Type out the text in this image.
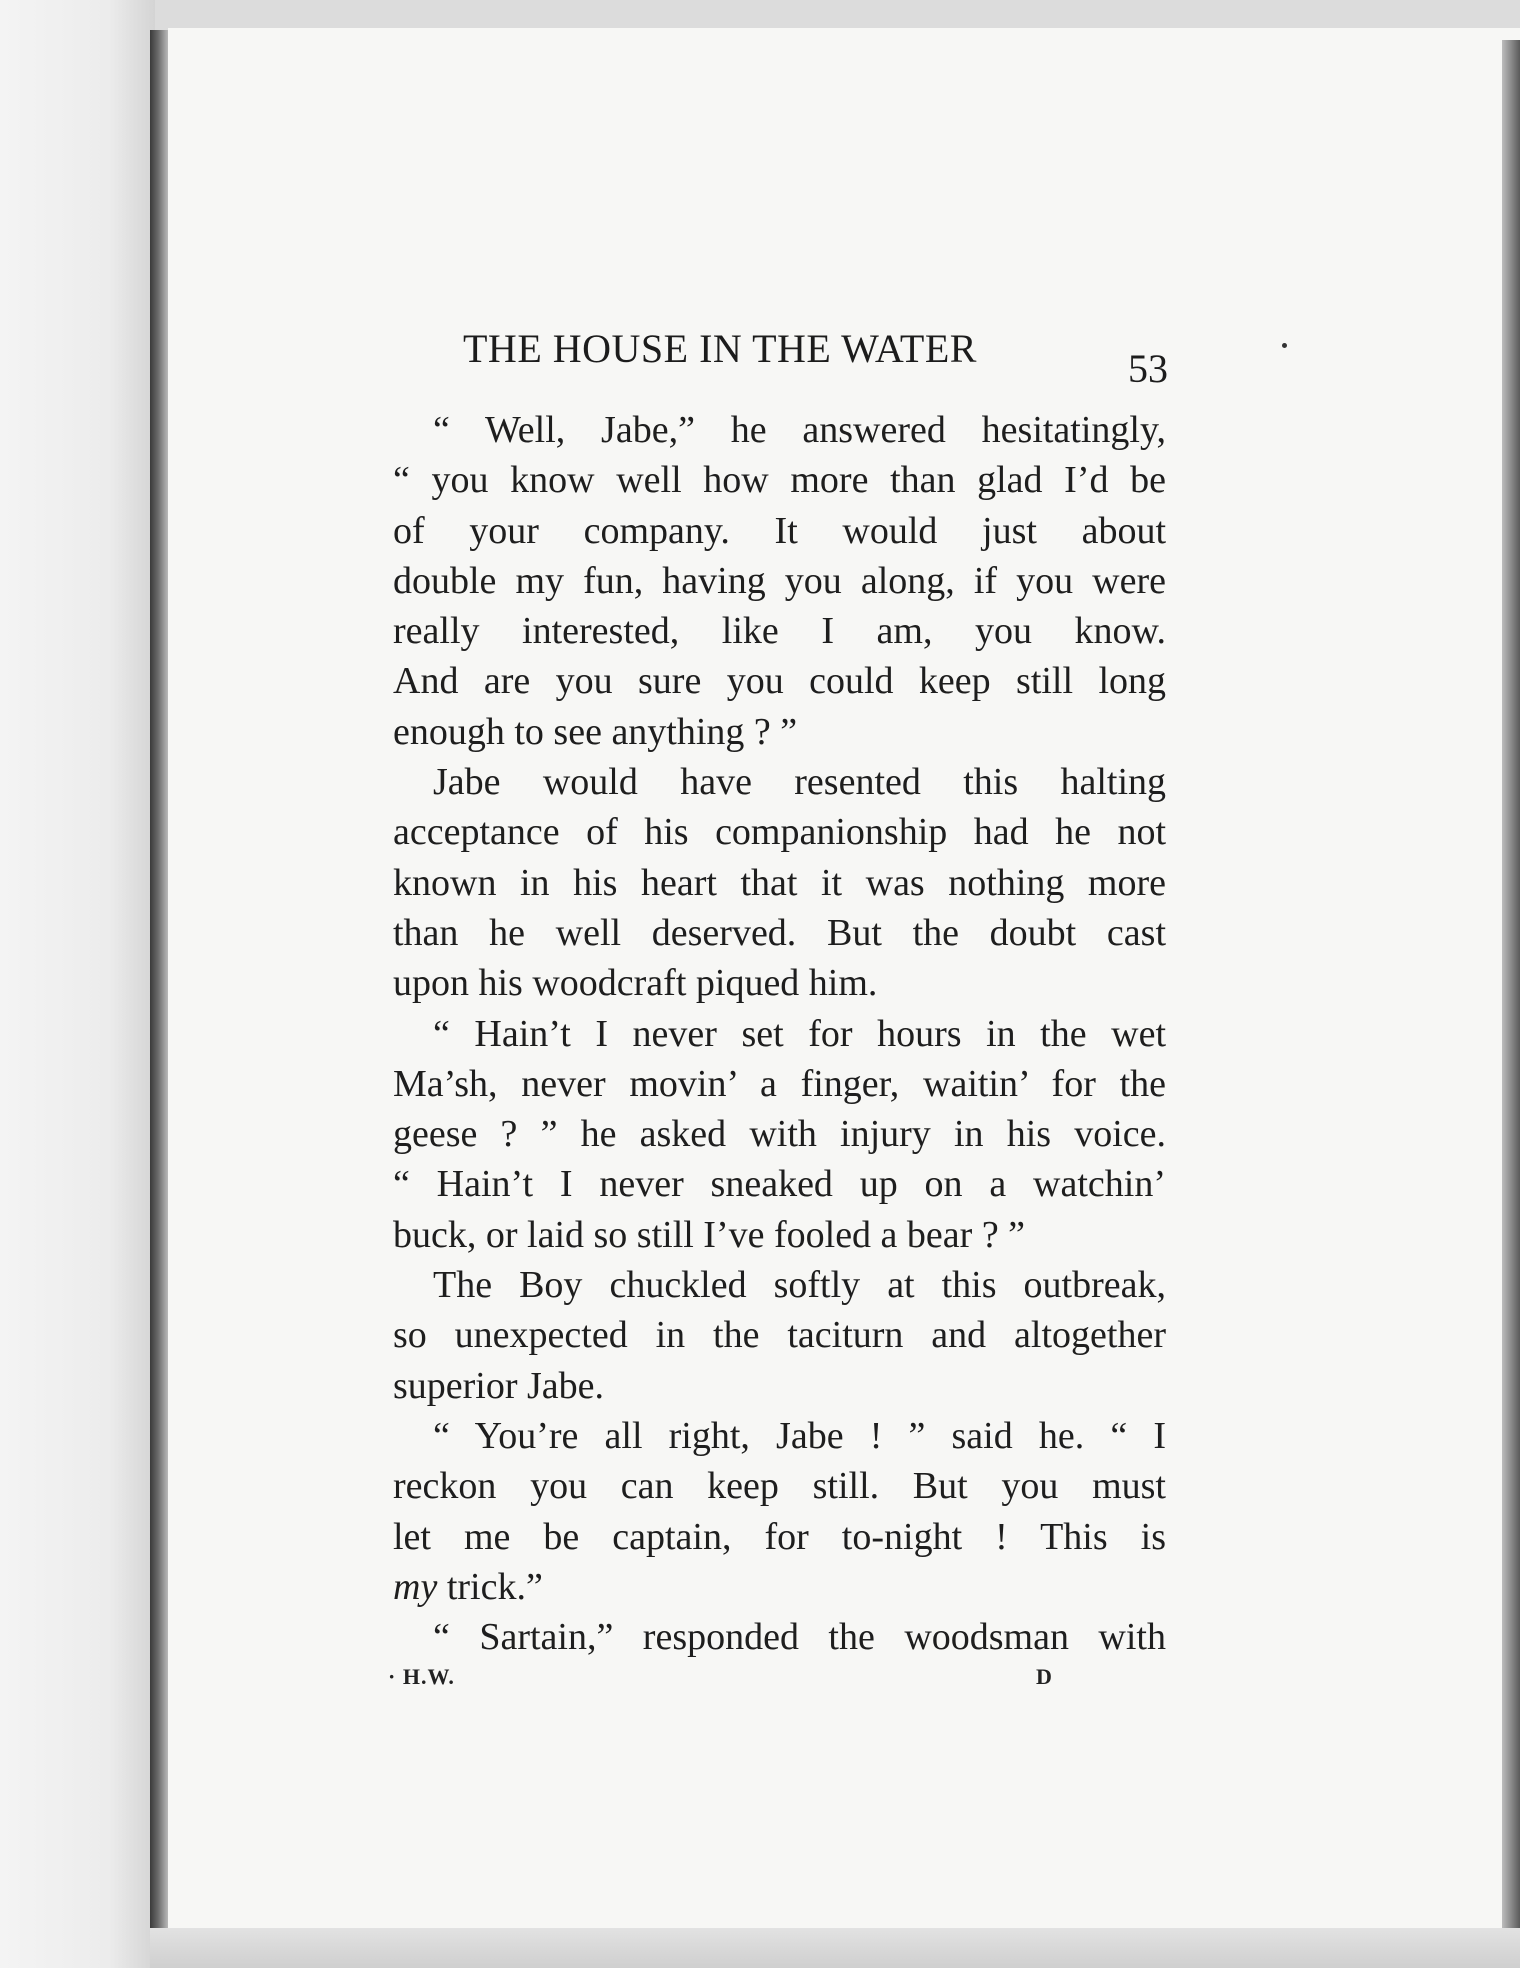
THE HOUSE IN THE WATER	53
“ Well, Jabe,” he answered hesitatingly,
“ you know well how more than glad I’d be
of your company. It would just about
double my fun, having you along, if you were
really interested, like I am, you know.
And are you sure you could keep still long
enough to see anything ? ”
Jabe would have resented this halting
acceptance of his companionship had he not
known in his heart that it was nothing more
than he well deserved. But the doubt cast
upon his woodcraft piqued him.
“ Hain’t I never set for hours in the wet
Ma’sh, never movin’ a finger, waitin’ for the
geese ? ” he asked with injury in his voice.
“ Hain’t I never sneaked up on a watchin’
buck, or laid so still I’ve fooled a bear ? ”
The Boy chuckled softly at this outbreak,
so unexpected in the taciturn and altogether
superior Jabe.
“ You’re all right, Jabe ! ” said he. “ I
reckon you can keep still. But you must
let me be captain, for to-night ! This is
my trick.”
“ Sartain,” responded the woodsman with
· H.W.	D
